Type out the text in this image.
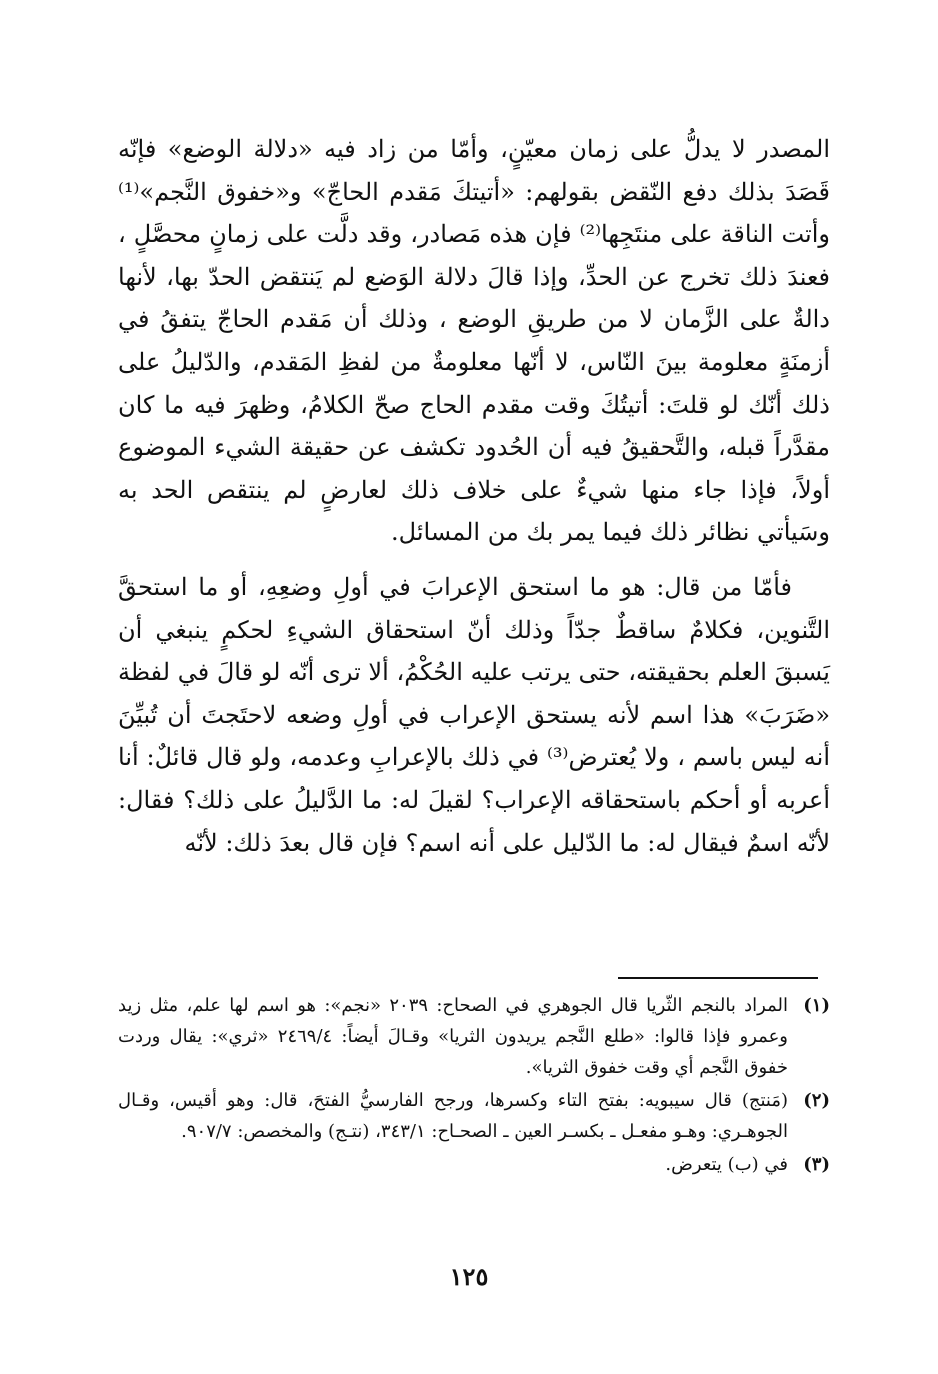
المصدر لا يدلُّ على زمان معيّنٍ، وأمّا من زاد فيه «دلالة الوضع» فإنّه قَصَدَ بذلك دفع النّقض بقولهم: «أتيتكَ مَقدم الحاجّ» و«خفوق النَّجم»⁽¹⁾ وأتت الناقة على منتَجِها⁽²⁾ فإن هذه مَصادر، وقد دلَّت على زمانٍ محصَّلٍ ، فعندَ ذلك تخرج عن الحدِّ، وإذا قالَ دلالة الوَضع لم يَنتقض الحدّ بها، لأنها دالةٌ على الزَّمان لا من طريقِ الوضع ، وذلك أن مَقدم الحاجّ يتفقُ في أزمنَةٍ معلومة بينَ النّاس، لا أنّها معلومةٌ من لفظِ المَقدم، والدّليلُ على ذلك أنّك لو قلتَ: أتيتُكَ وقت مقدم الحاج صحّ الكلامُ، وظهرَ فيه ما كان مقدَّراً قبله، والتَّحقيقُ فيه أن الحُدود تكشف عن حقيقة الشيء الموضوع أولاً، فإذا جاء منها شيءٌ على خلاف ذلك لعارضٍ لم ينتقص الحد به وسَيأتي نظائر ذلك فيما يمر بك من المسائل.

فأمّا من قال: هو ما استحق الإعرابَ في أولِ وضعِهِ، أو ما استحقَّ التَّنوين، فكلامٌ ساقطٌ جدّاً وذلك أنّ استحقاق الشيءِ لحكمٍ ينبغي أن يَسبقَ العلم بحقيقته، حتى يرتب عليه الحُكْمُ، ألا ترى أنّه لو قالَ في لفظة «ضَرَبَ» هذا اسم لأنه يستحق الإعراب في أولِ وضعه لاحتَجتَ أن تُبيِّنَ أنه ليس باسم ، ولا يُعترض⁽³⁾ في ذلك بالإعرابِ وعدمه، ولو قال قائلٌ: أنا أعربه أو أحكم باستحقاقه الإعراب؟ لقيلَ له: ما الدَّليلُ على ذلك؟ فقال: لأنّه اسمٌ فيقال له: ما الدّليل على أنه اسم؟ فإن قال بعدَ ذلك: لأنّه

(١)
المراد بالنجم الثّريا قال الجوهري في الصحاح: ٢٠٣٩ «نجم»: هو اسم لها علم، مثل زيد وعمرو فإذا قالوا: «طلع النَّجم يريدون الثريا» وقـالَ أيضاً: ٢٤٦٩/٤ «ثري»: يقال وردت خفوق النَّجم أي وقت خفوق الثريا».
(٢)
(مَنتج) قال سيبويه: بفتح التاء وكسرها، ورجح الفارسيُّ الفتحَ، قال: وهو أقيس، وقـال الجوهـري: وهـو مفعـل ـ بكسـر العين ـ الصحـاح: ٣٤٣/١، (نتـج) والمخصص: ٩٠٧/٧.
(٣)
في (ب) يتعرض.
١٢٥
